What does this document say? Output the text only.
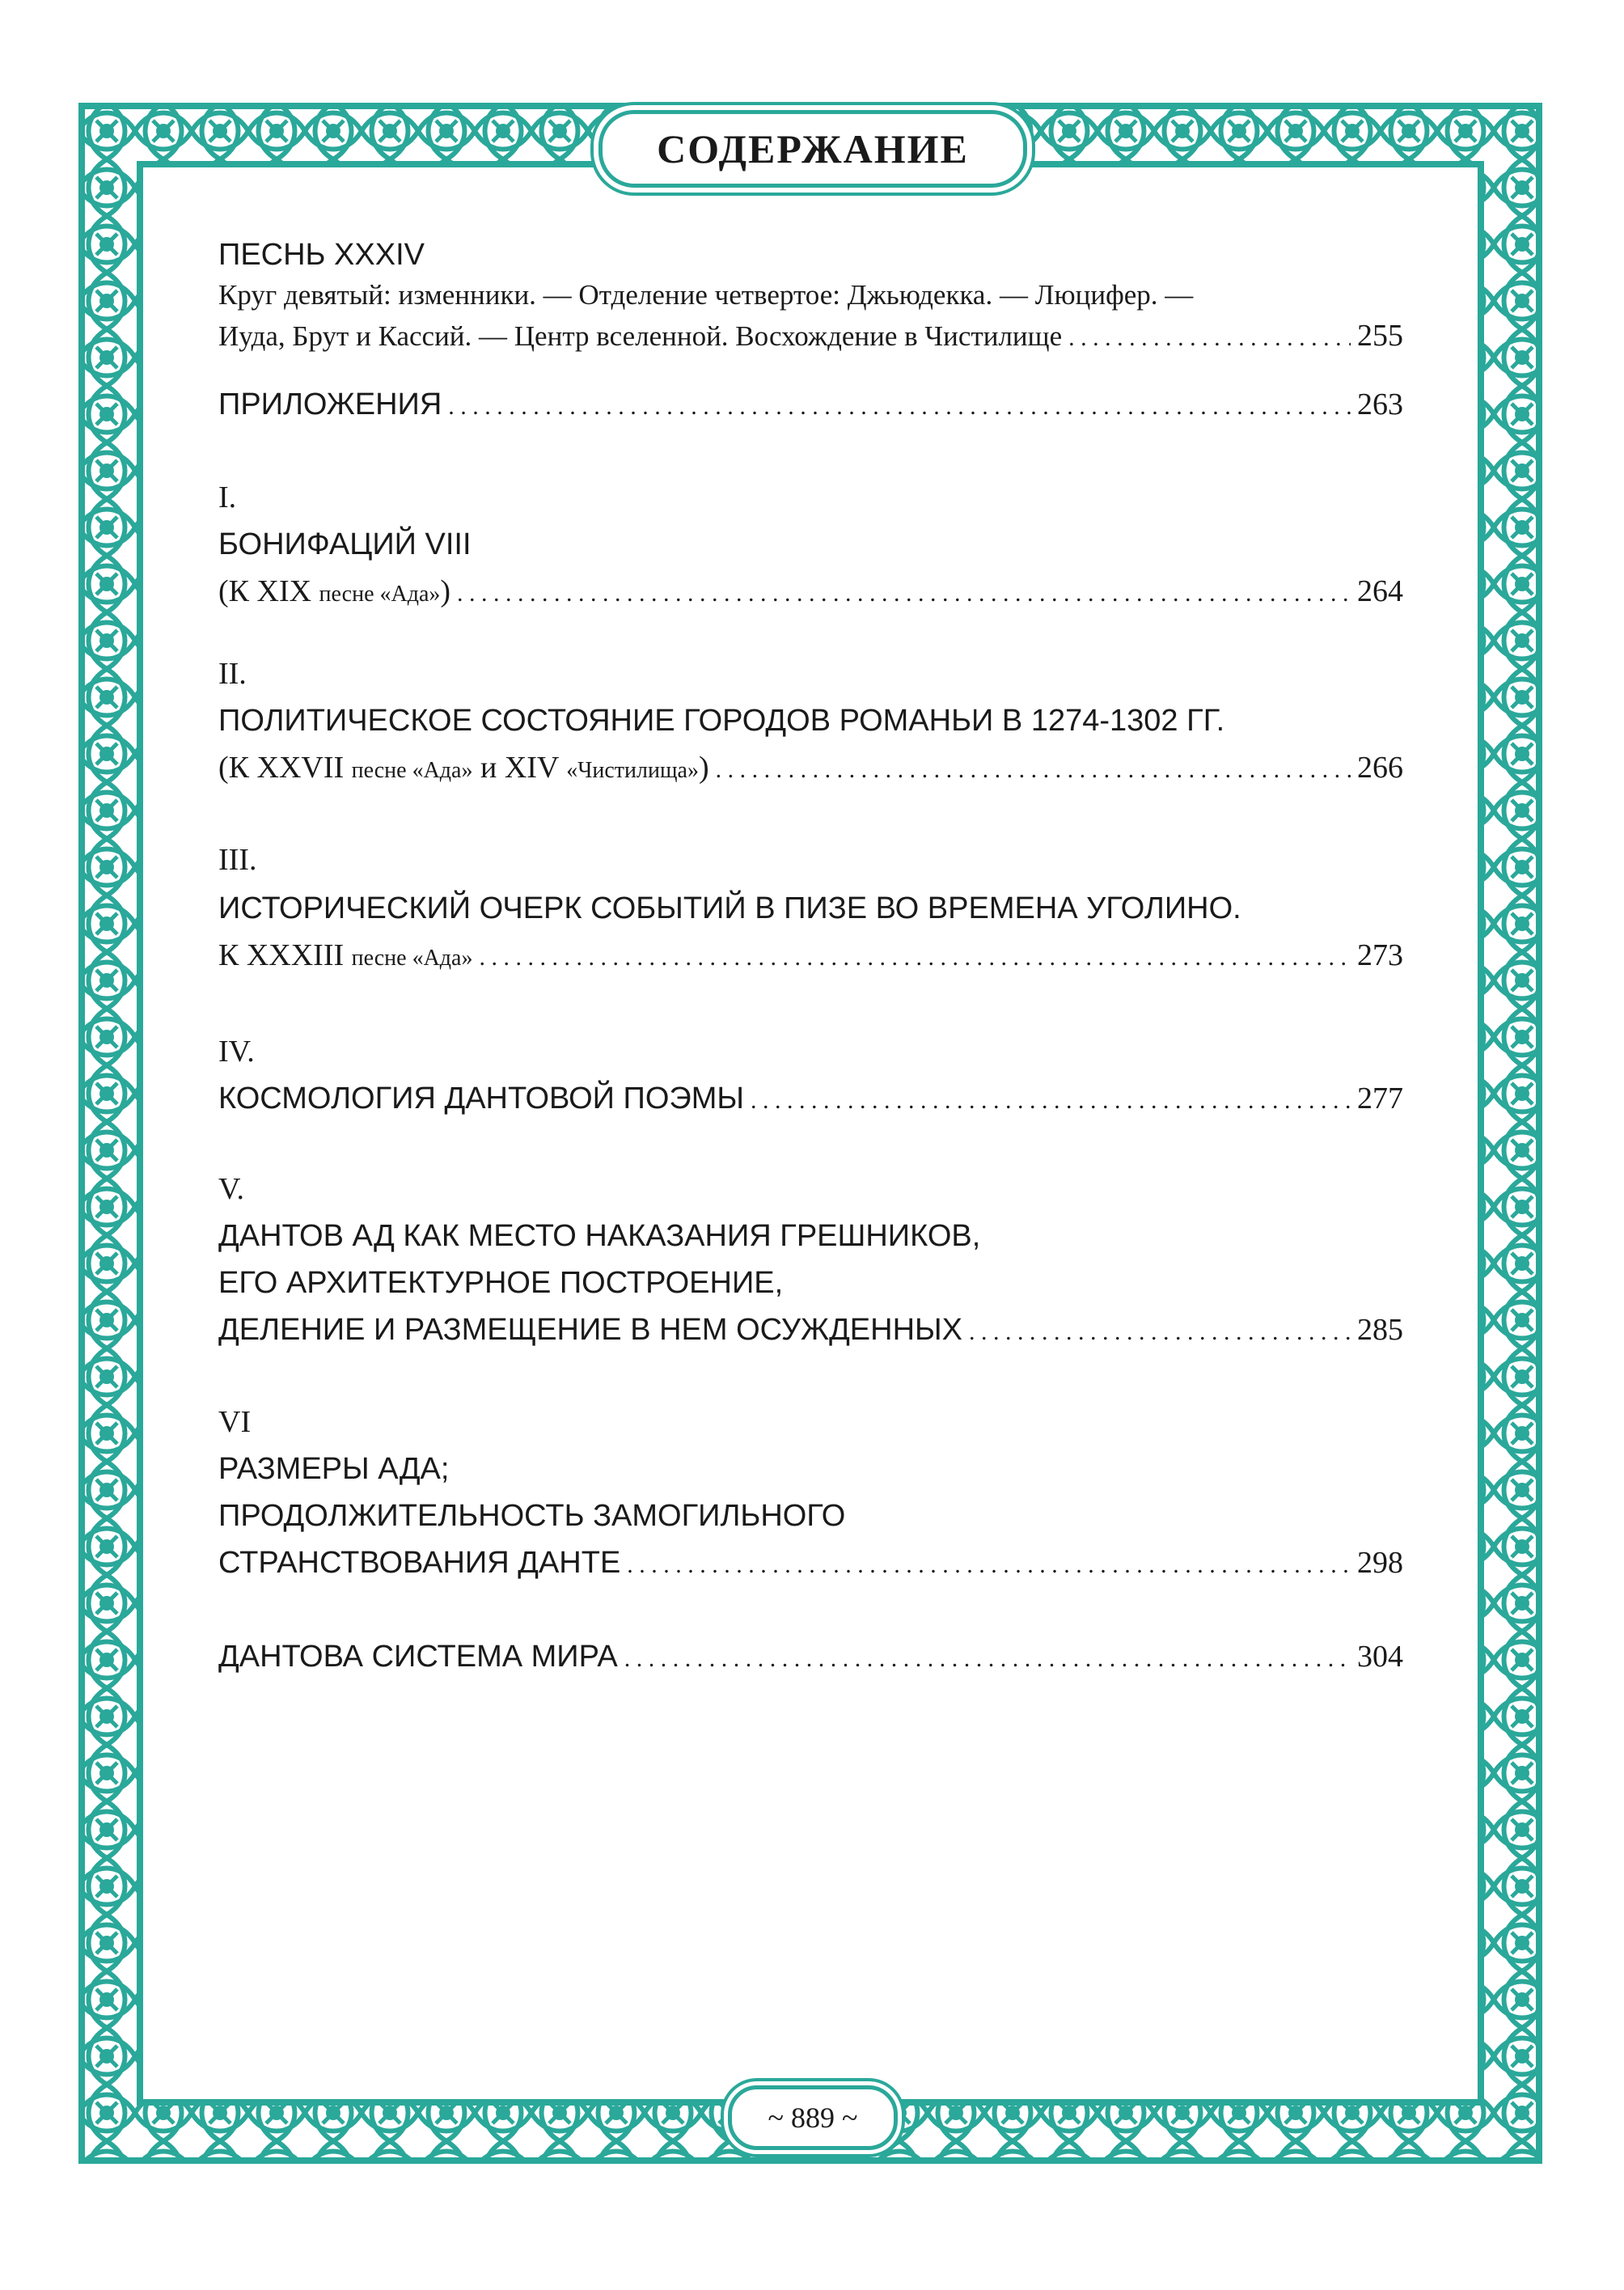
СОДЕРЖАНИЕ
ПЕСНЬ XXXIV
Круг девятый: изменники. — Отделение четвертое: Джьюдекка. — Люцифер. —
Иуда, Брут и Кассий. — Центр вселенной. Восхождение в Чистилище . . .	255
ПРИЛОЖЕНИЯ . . .	263
I.
БОНИФАЦИЙ VIII
(К XIX песне «Ада») . . .	264
II.
ПОЛИТИЧЕСКОЕ СОСТОЯНИЕ ГОРОДОВ РОМАНЬИ В 1274-1302 ГГ.
(К XXVII песне «Ада» и XIV «Чистилища») . . .	266
III.
ИСТОРИЧЕСКИЙ ОЧЕРК СОБЫТИЙ В ПИЗЕ ВО ВРЕМЕНА УГОЛИНО.
К XXXIII песне «Ада» . . .	273
IV.
КОСМОЛОГИЯ ДАНТОВОЙ ПОЭМЫ . . .	277
V.
ДАНТОВ АД КАК МЕСТО НАКАЗАНИЯ ГРЕШНИКОВ,
ЕГО АРХИТЕКТУРНОЕ ПОСТРОЕНИЕ,
ДЕЛЕНИЕ И РАЗМЕЩЕНИЕ В НЕМ ОСУЖДЕННЫХ . . .	285
VI
РАЗМЕРЫ АДА;
ПРОДОЛЖИТЕЛЬНОСТЬ ЗАМОГИЛЬНОГО
СТРАНСТВОВАНИЯ ДАНТЕ . . .	298
ДАНТОВА СИСТЕМА МИРА . . .	304
~ 889 ~
